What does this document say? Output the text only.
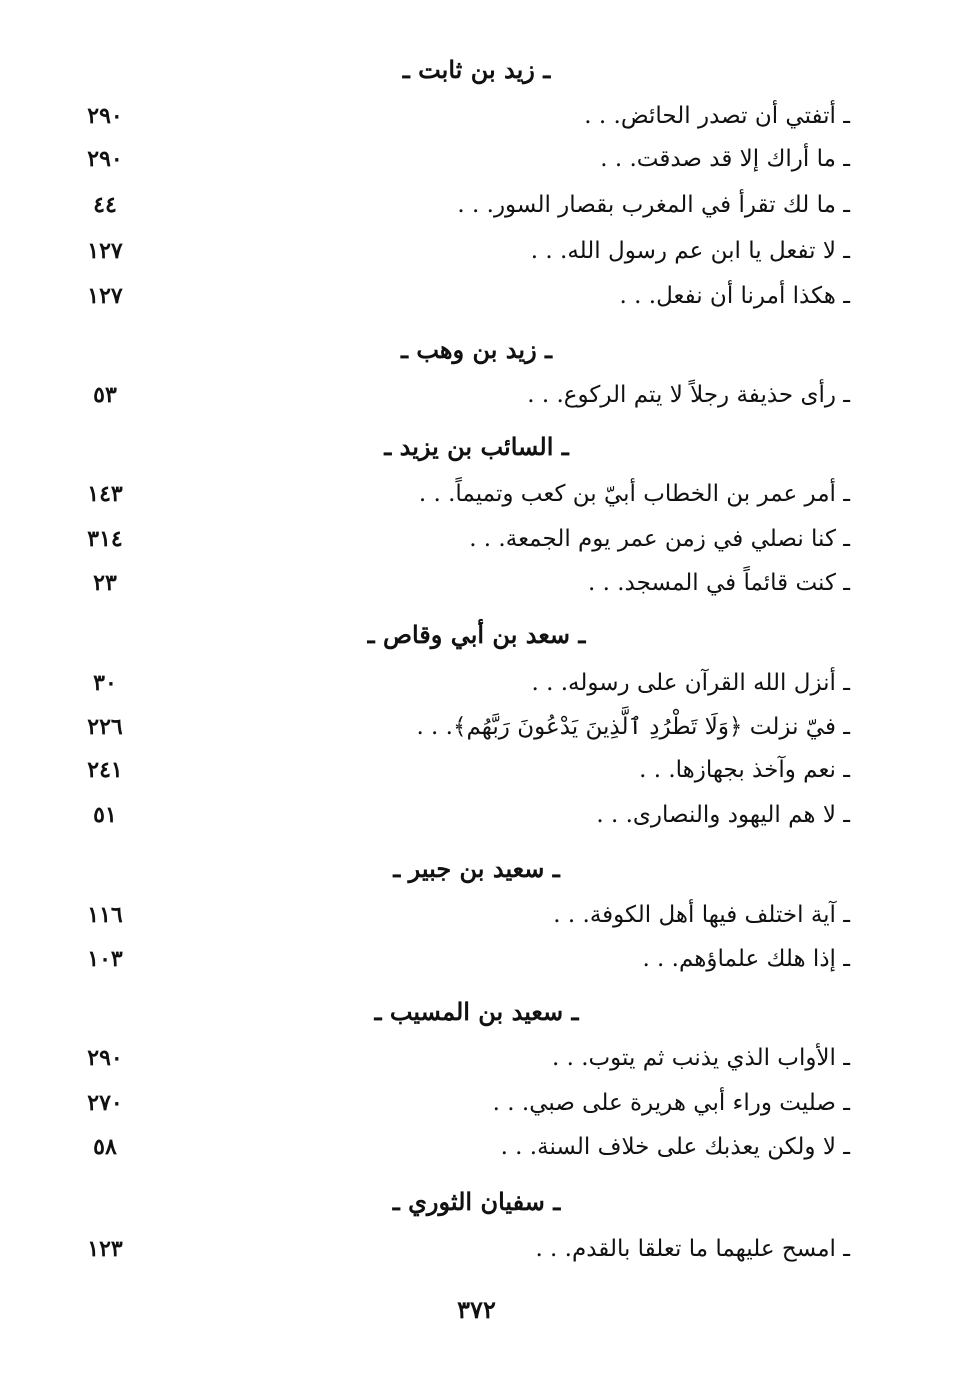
ـ زيد بن ثابت ـ
ـ أتفتي أن تصدر الحائض. . .
٢٩٠
ـ ما أراك إلا قد صدقت. . .
٢٩٠
ـ ما لك تقرأ في المغرب بقصار السور. . .
٤٤
ـ لا تفعل يا ابن عم رسول الله. . .
١٢٧
ـ هكذا أمرنا أن نفعل. . .
١٢٧
ـ زيد بن وهب ـ
ـ رأى حذيفة رجلاً لا يتم الركوع. . .
٥٣
ـ السائب بن يزيد ـ
ـ أمر عمر بن الخطاب أبيّ بن كعب وتميماً. . .
١٤٣
ـ كنا نصلي في زمن عمر يوم الجمعة. . .
٣١٤
ـ كنت قائماً في المسجد. . .
٢٣
ـ سعد بن أبي وقاص ـ
ـ أنزل الله القرآن على رسوله. . .
٣٠
ـ فيّ نزلت ﴿وَلَا تَطْرُدِ ٱلَّذِينَ يَدْعُونَ رَبَّهُم﴾. . .
٢٢٦
ـ نعم وآخذ بجهازها. . .
٢٤١
ـ لا هم اليهود والنصارى. . .
٥١
ـ سعيد بن جبير ـ
ـ آية اختلف فيها أهل الكوفة. . .
١١٦
ـ إذا هلك علماؤهم. . .
١٠٣
ـ سعيد بن المسيب ـ
ـ الأواب الذي يذنب ثم يتوب. . .
٢٩٠
ـ صليت وراء أبي هريرة على صبي. . .
٢٧٠
ـ لا ولكن يعذبك على خلاف السنة. . .
٥٨
ـ سفيان الثوري ـ
ـ امسح عليهما ما تعلقا بالقدم. . .
١٢٣
٣٧٢
